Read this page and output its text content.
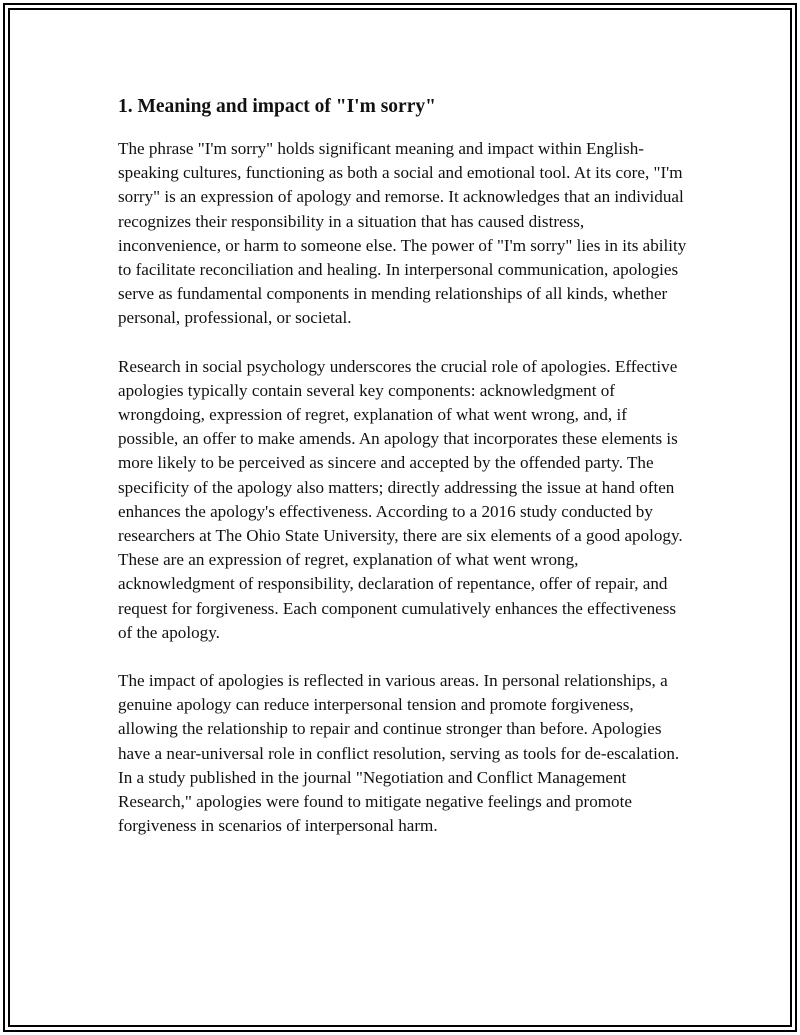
1. Meaning and impact of "I'm sorry"

The phrase "I'm sorry" holds significant meaning and impact within English-speaking cultures, functioning as both a social and emotional tool. At its core, "I'm sorry" is an expression of apology and remorse. It acknowledges that an individual recognizes their responsibility in a situation that has caused distress, inconvenience, or harm to someone else. The power of "I'm sorry" lies in its ability to facilitate reconciliation and healing. In interpersonal communication, apologies serve as fundamental components in mending relationships of all kinds, whether personal, professional, or societal.

Research in social psychology underscores the crucial role of apologies. Effective apologies typically contain several key components: acknowledgment of wrongdoing, expression of regret, explanation of what went wrong, and, if possible, an offer to make amends. An apology that incorporates these elements is more likely to be perceived as sincere and accepted by the offended party. The specificity of the apology also matters; directly addressing the issue at hand often enhances the apology's effectiveness. According to a 2016 study conducted by researchers at The Ohio State University, there are six elements of a good apology. These are an expression of regret, explanation of what went wrong, acknowledgment of responsibility, declaration of repentance, offer of repair, and request for forgiveness. Each component cumulatively enhances the effectiveness of the apology.

The impact of apologies is reflected in various areas. In personal relationships, a genuine apology can reduce interpersonal tension and promote forgiveness, allowing the relationship to repair and continue stronger than before. Apologies have a near-universal role in conflict resolution, serving as tools for de-escalation. In a study published in the journal "Negotiation and Conflict Management Research," apologies were found to mitigate negative feelings and promote forgiveness in scenarios of interpersonal harm.
